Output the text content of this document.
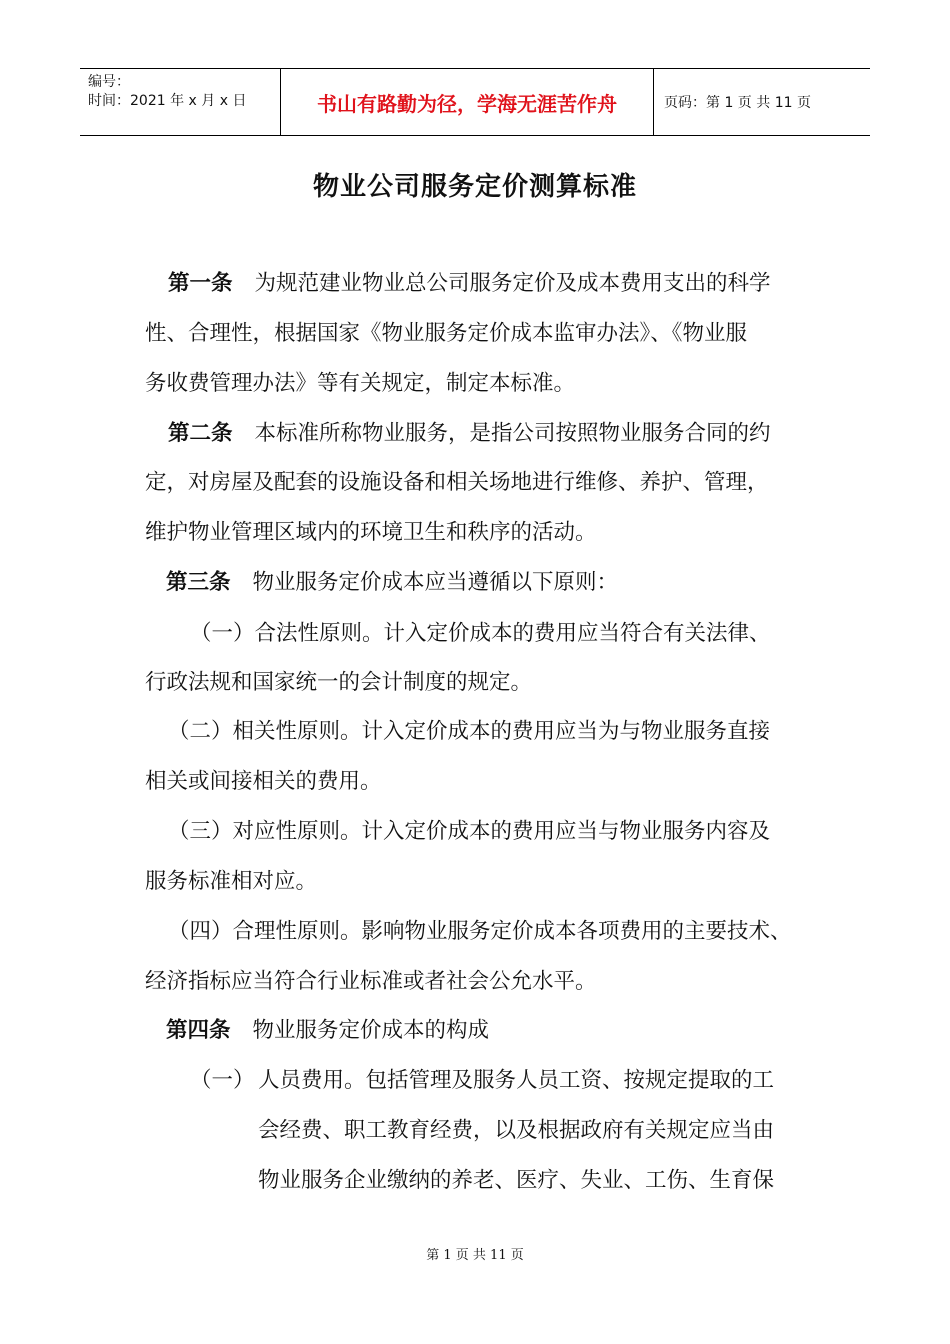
编号：
时间：2021 年 x 月 x 日	书山有路勤为径，学海无涯苦作舟	页码：第 1 页 共 11 页
物业公司服务定价测算标准
第一条 为规范建业物业总公司服务定价及成本费用支出的科学
性、合理性，根据国家《物业服务定价成本监审办法》、《物业服
务收费管理办法》等有关规定，制定本标准。
第二条 本标准所称物业服务，是指公司按照物业服务合同的约
定，对房屋及配套的设施设备和相关场地进行维修、养护、管理，
维护物业管理区域内的环境卫生和秩序的活动。
第三条 物业服务定价成本应当遵循以下原则：
（一）合法性原则。计入定价成本的费用应当符合有关法律、
行政法规和国家统一的会计制度的规定。
（二）相关性原则。计入定价成本的费用应当为与物业服务直接
相关或间接相关的费用。
（三）对应性原则。计入定价成本的费用应当与物业服务内容及
服务标准相对应。
（四）合理性原则。影响物业服务定价成本各项费用的主要技术、
经济指标应当符合行业标准或者社会公允水平。
第四条 物业服务定价成本的构成
（一） 人员费用。包括管理及服务人员工资、按规定提取的工
会经费、职工教育经费，以及根据政府有关规定应当由
物业服务企业缴纳的养老、医疗、失业、工伤、生育保
第 1 页 共 11 页
